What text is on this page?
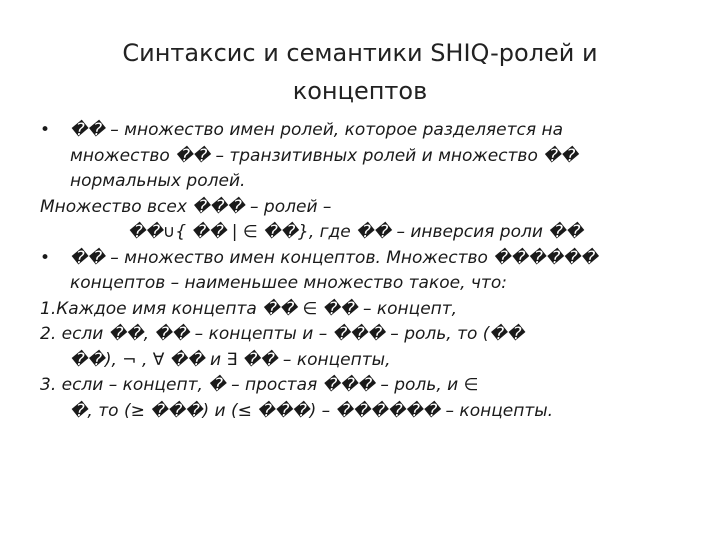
Синтаксис и семантики SHIQ-ролей и
концептов
• �� – множество имен ролей, которое разделяется на
множество �� – транзитивных ролей и множество ��
нормальных ролей.
Множество всех ��� – ролей –
��∪{ �� | ∈ ��}, где �� – инверсия роли ��
• �� – множество имен концептов. Множество ������
концептов – наименьшее множество такое, что:
1.Каждое имя концепта �� ∈ �� – концепт,
2. если ��, �� – концепты и – ��� – роль, то (��
��), ¬ , ∀ �� и ∃ �� – концепты,
3. если – концепт, � – простая ��� – роль, и ∈
�, то (≥ ���) и (≤ ���) – ������ – концепты.
